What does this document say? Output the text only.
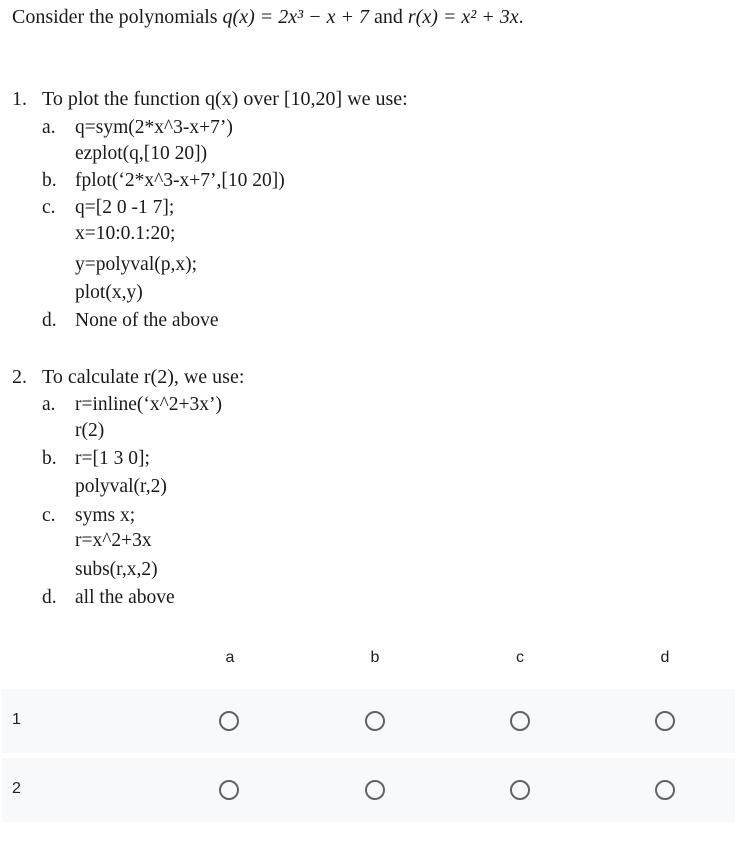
Consider the polynomials q(x) = 2x³ − x + 7 and r(x) = x² + 3x.
1. To plot the function q(x) over [10,20] we use:
a. q=sym(2*x^3-x+7’)
ezplot(q,[10 20])
b. fplot(‘2*x^3-x+7’,[10 20])
c. q=[2 0 -1 7];
x=10:0.1:20;
y=polyval(p,x);
plot(x,y)
d. None of the above
2. To calculate r(2), we use:
a. r=inline(‘x^2+3x’)
r(2)
b. r=[1 3 0];
polyval(r,2)
c. syms x;
r=x^2+3x
subs(r,x,2)
d. all the above
a	b	c	d
1
2
